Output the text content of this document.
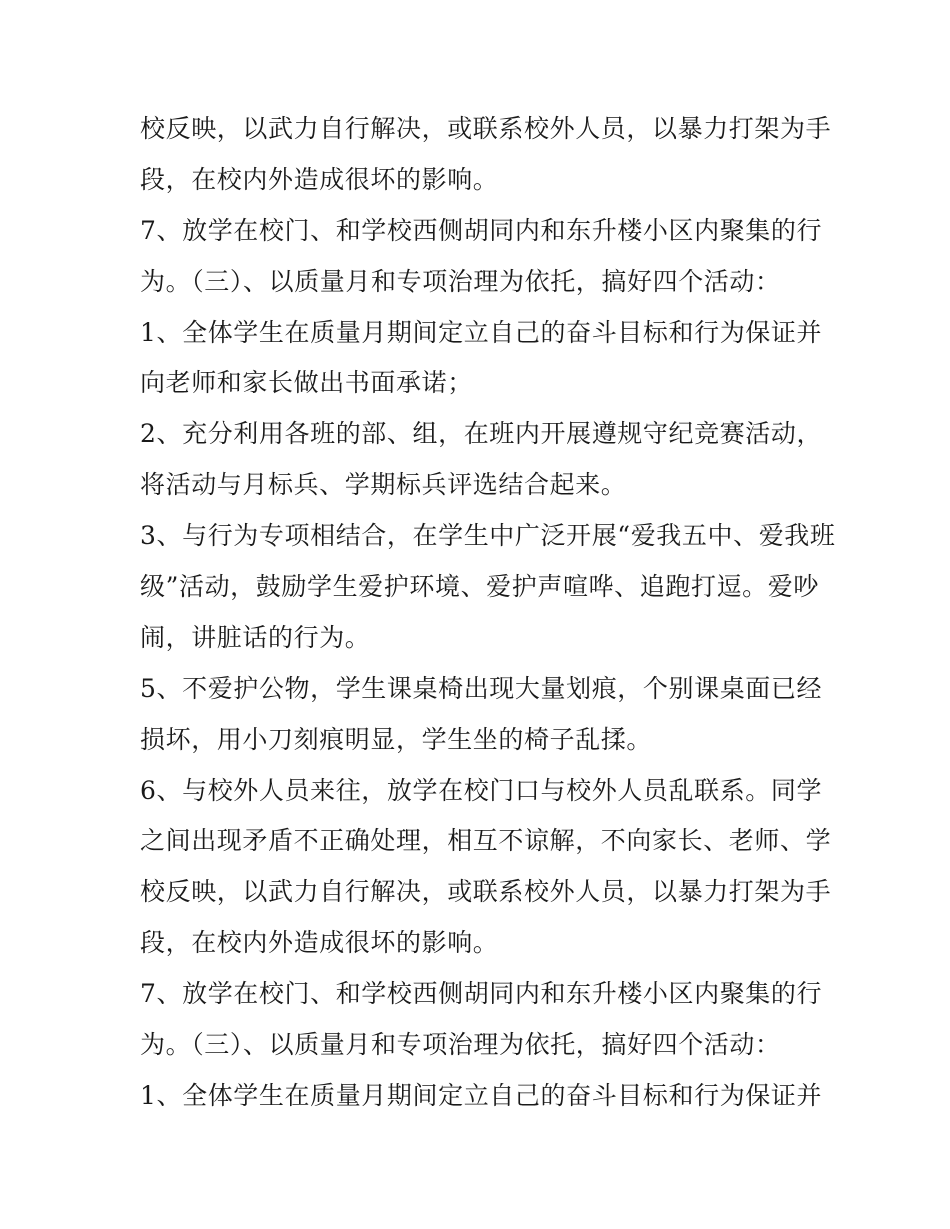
校反映，以武力自行解决，或联系校外人员，以暴力打架为手
段，在校内外造成很坏的影响。
7、放学在校门、和学校西侧胡同内和东升楼小区内聚集的行
为。（三）、以质量月和专项治理为依托，搞好四个活动：
1、全体学生在质量月期间定立自己的奋斗目标和行为保证并
向老师和家长做出书面承诺；
2、充分利用各班的部、组，在班内开展遵规守纪竞赛活动，
将活动与月标兵、学期标兵评选结合起来。
3、与行为专项相结合，在学生中广泛开展“爱我五中、爱我班
级”活动，鼓励学生爱护环境、爱护声喧哗、追跑打逗。爱吵
闹，讲脏话的行为。
5、不爱护公物，学生课桌椅出现大量划痕，个别课桌面已经
损坏，用小刀刻痕明显，学生坐的椅子乱揉。
6、与校外人员来往，放学在校门口与校外人员乱联系。同学
之间出现矛盾不正确处理，相互不谅解，不向家长、老师、学
校反映，以武力自行解决，或联系校外人员，以暴力打架为手
段，在校内外造成很坏的影响。
7、放学在校门、和学校西侧胡同内和东升楼小区内聚集的行
为。（三）、以质量月和专项治理为依托，搞好四个活动：
1、全体学生在质量月期间定立自己的奋斗目标和行为保证并
